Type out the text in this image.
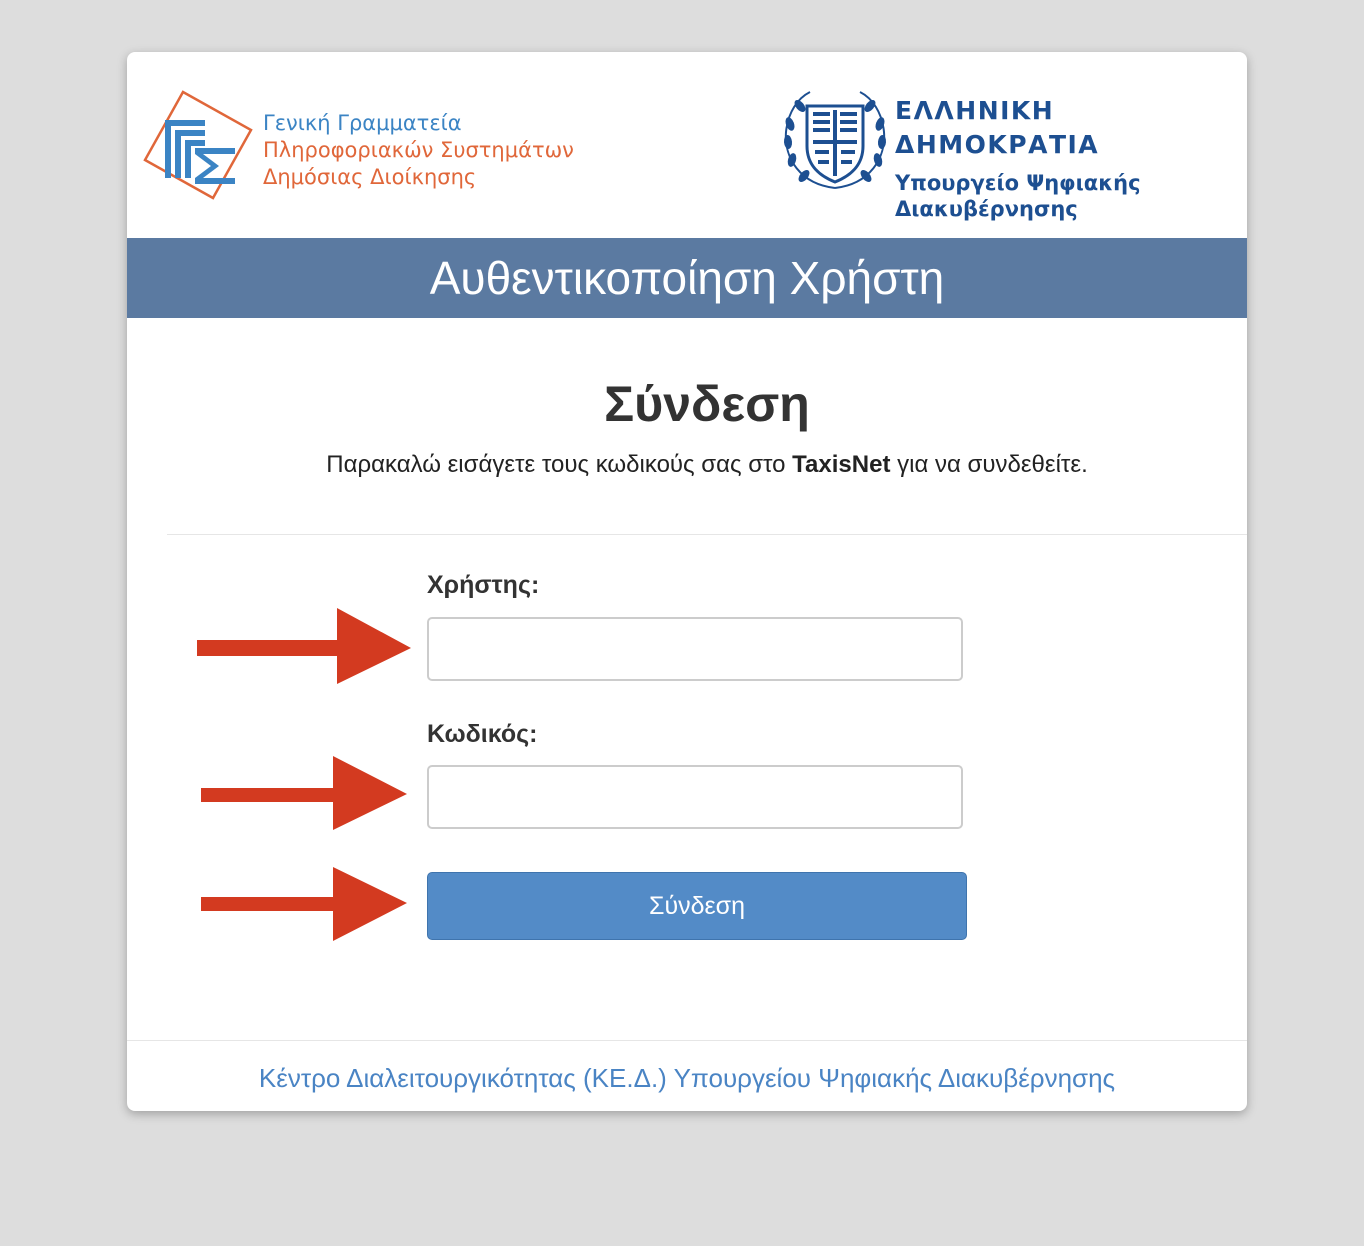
Γενική Γραμματεία
Πληροφοριακών Συστημάτων
Δημόσιας Διοίκησης
ΕΛΛΗΝΙΚΗ ΔΗΜΟΚΡΑΤΙΑ
Υπουργείο Ψηφιακής
Διακυβέρνησης
Αυθεντικοποίηση Χρήστη
Σύνδεση
Παρακαλώ εισάγετε τους κωδικούς σας στο TaxisNet για να συνδεθείτε.
Χρήστης:
Κωδικός:
Σύνδεση
Κέντρο Διαλειτουργικότητας (ΚΕ.Δ.) Υπουργείου Ψηφιακής Διακυβέρνησης
